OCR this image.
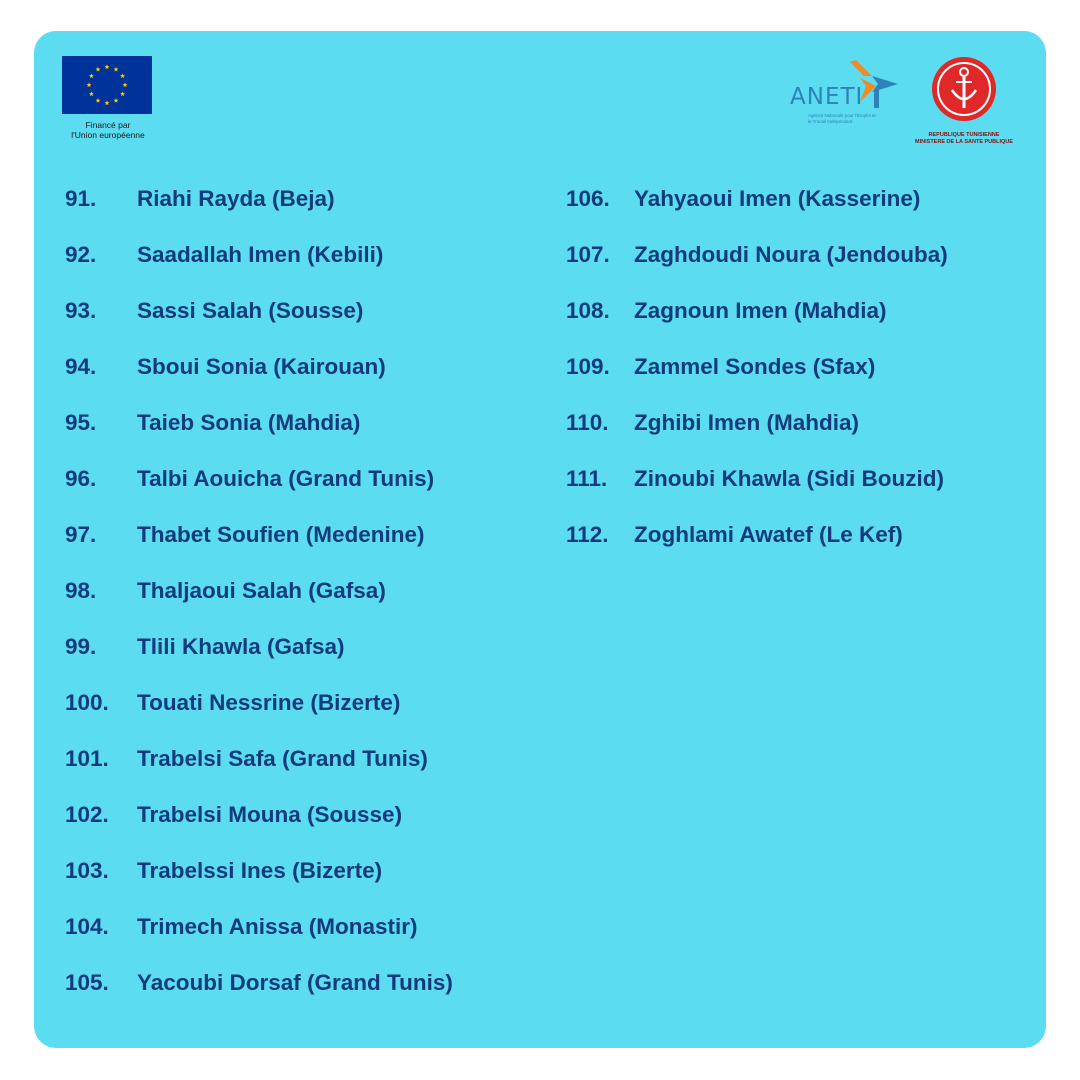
Financé par
l'Union européenne
ANETI
Agence Nationale pour l'Emploi et le Travail Indépendant
REPUBLIQUE TUNISIENNE
MINISTERE DE LA SANTE PUBLIQUE
91. Riahi Rayda (Beja)
92. Saadallah Imen (Kebili)
93. Sassi Salah (Sousse)
94. Sboui Sonia (Kairouan)
95. Taieb Sonia (Mahdia)
96. Talbi Aouicha (Grand Tunis)
97. Thabet Soufien (Medenine)
98. Thaljaoui Salah (Gafsa)
99. Tlili Khawla (Gafsa)
100. Touati Nessrine (Bizerte)
101. Trabelsi Safa (Grand Tunis)
102. Trabelsi Mouna (Sousse)
103. Trabelssi Ines (Bizerte)
104. Trimech Anissa (Monastir)
105. Yacoubi Dorsaf (Grand Tunis)
106. Yahyaoui Imen (Kasserine)
107. Zaghdoudi Noura (Jendouba)
108. Zagnoun Imen (Mahdia)
109. Zammel Sondes (Sfax)
110. Zghibi Imen (Mahdia)
111. Zinoubi Khawla (Sidi Bouzid)
112. Zoghlami Awatef (Le Kef)
